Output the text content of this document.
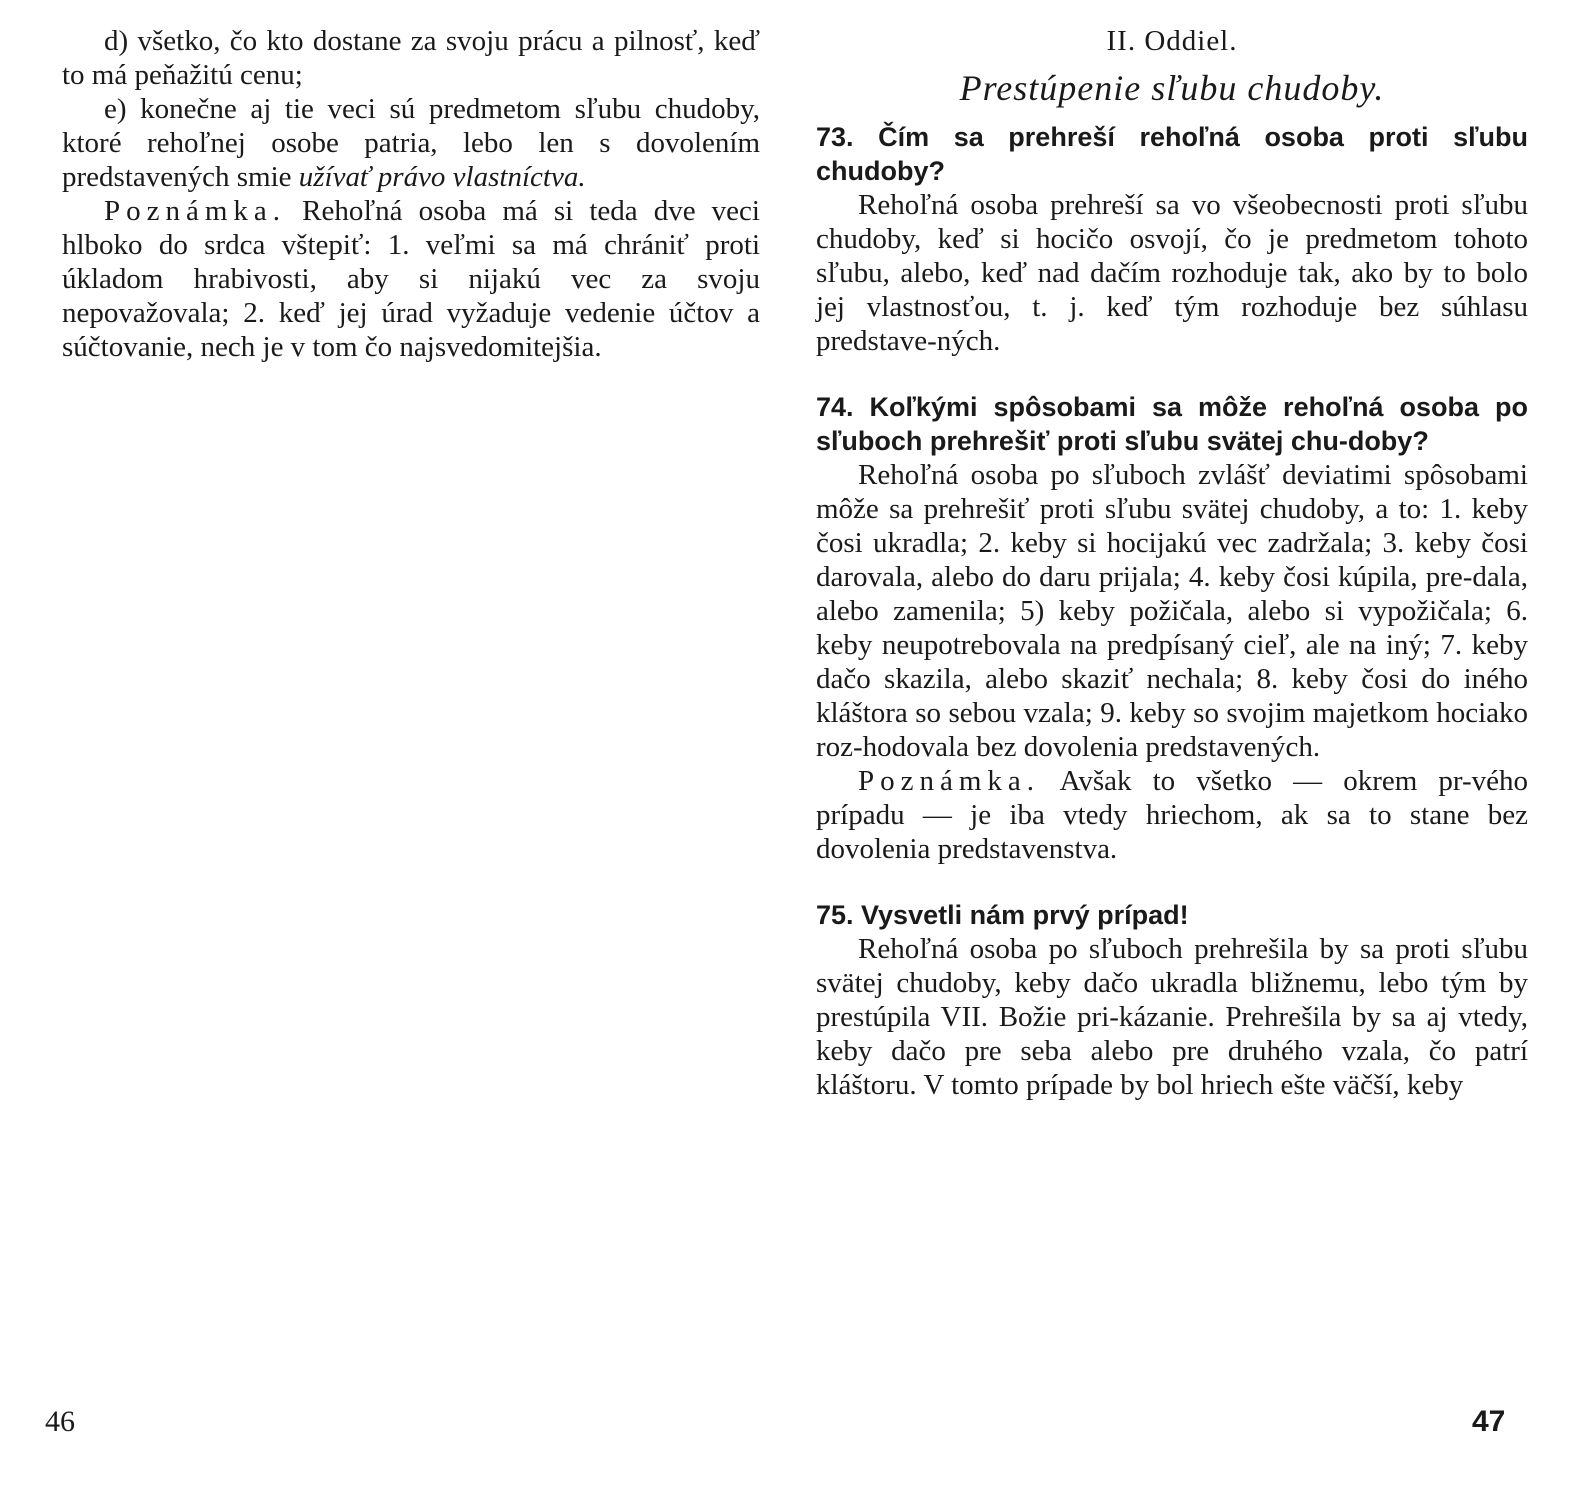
d) všetko, čo kto dostane za svoju prácu a pilnosť, keď to má peňažitú cenu;

e) konečne aj tie veci sú predmetom sľubu chudoby, ktoré rehoľnej osobe patria, lebo len s dovolením predstavených smie užívať právo vlastníctva.

Poznámka. Rehoľná osoba má si teda dve veci hlboko do srdca vštepiť: 1. veľmi sa má chrániť proti úkladom hrabivosti, aby si nijakú vec za svoju nepovažovala; 2. keď jej úrad vyžaduje vedenie účtov a súčtovanie, nech je v tom čo najsvedomitejšia.

46
II. Oddiel.
Prestúpenie sľubu chudoby.
73. Čím sa prehreší rehoľná osoba proti sľubu chudoby?

Rehoľná osoba prehreší sa vo všeobecnosti proti sľubu chudoby, keď si hocičo osvojí, čo je predmetom tohoto sľubu, alebo, keď nad dačím rozhoduje tak, ako by to bolo jej vlastnosťou, t. j. keď tým rozhoduje bez súhlasu predstave-ných.

74. Koľkými spôsobami sa môže rehoľná osoba po sľuboch prehrešiť proti sľubu svätej chu-doby?

Rehoľná osoba po sľuboch zvlášť deviatimi spôsobami môže sa prehrešiť proti sľubu svätej chudoby, a to: 1. keby čosi ukradla; 2. keby si hocijakú vec zadržala; 3. keby čosi darovala, alebo do daru prijala; 4. keby čosi kúpila, pre-dala, alebo zamenila; 5) keby požičala, alebo si vypožičala; 6. keby neupotrebovala na predpísaný cieľ, ale na iný; 7. keby dačo skazila, alebo skaziť nechala; 8. keby čosi do iného kláštora so sebou vzala; 9. keby so svojim majetkom hociako roz-hodovala bez dovolenia predstavených.

Poznámka. Avšak to všetko — okrem pr-vého prípadu — je iba vtedy hriechom, ak sa to stane bez dovolenia predstavenstva.

75. Vysvetli nám prvý prípad!

Rehoľná osoba po sľuboch prehrešila by sa proti sľubu svätej chudoby, keby dačo ukradla bližnemu, lebo tým by prestúpila VII. Božie pri-kázanie. Prehrešila by sa aj vtedy, keby dačo pre seba alebo pre druhého vzala, čo patrí kláštoru. V tomto prípade by bol hriech ešte väčší, keby

47
